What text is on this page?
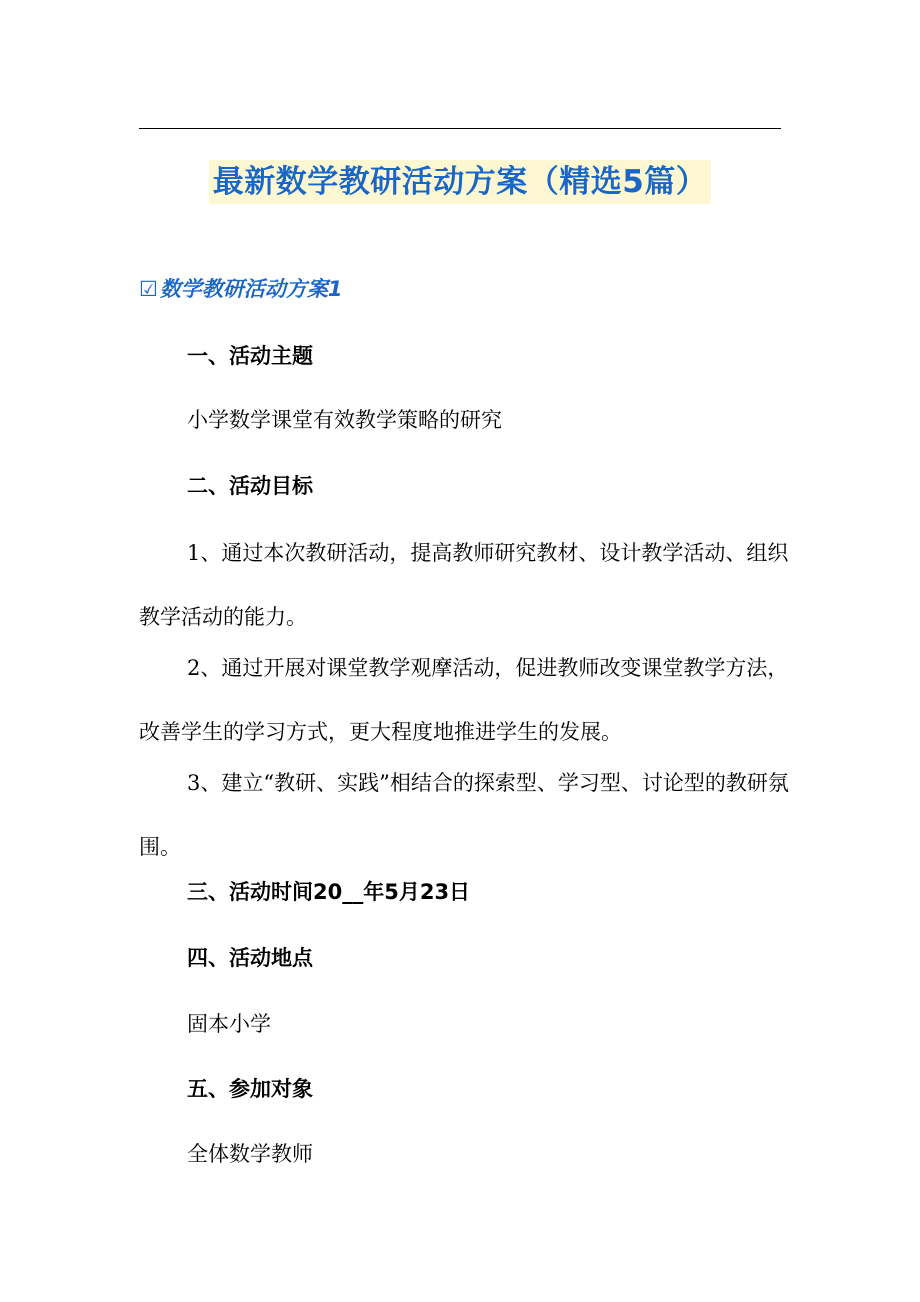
最新数学教研活动方案（精选5篇）
☑数学教研活动方案1

一、活动主题

小学数学课堂有效教学策略的研究

二、活动目标

1、通过本次教研活动，提高教师研究教材、设计教学活动、组织教学活动的能力。

2、通过开展对课堂教学观摩活动，促进教师改变课堂教学方法，改善学生的学习方式，更大程度地推进学生的发展。

3、建立“教研、实践”相结合的探索型、学习型、讨论型的教研氛围。

三、活动时间20__年5月23日

四、活动地点

固本小学

五、参加对象

全体数学教师
